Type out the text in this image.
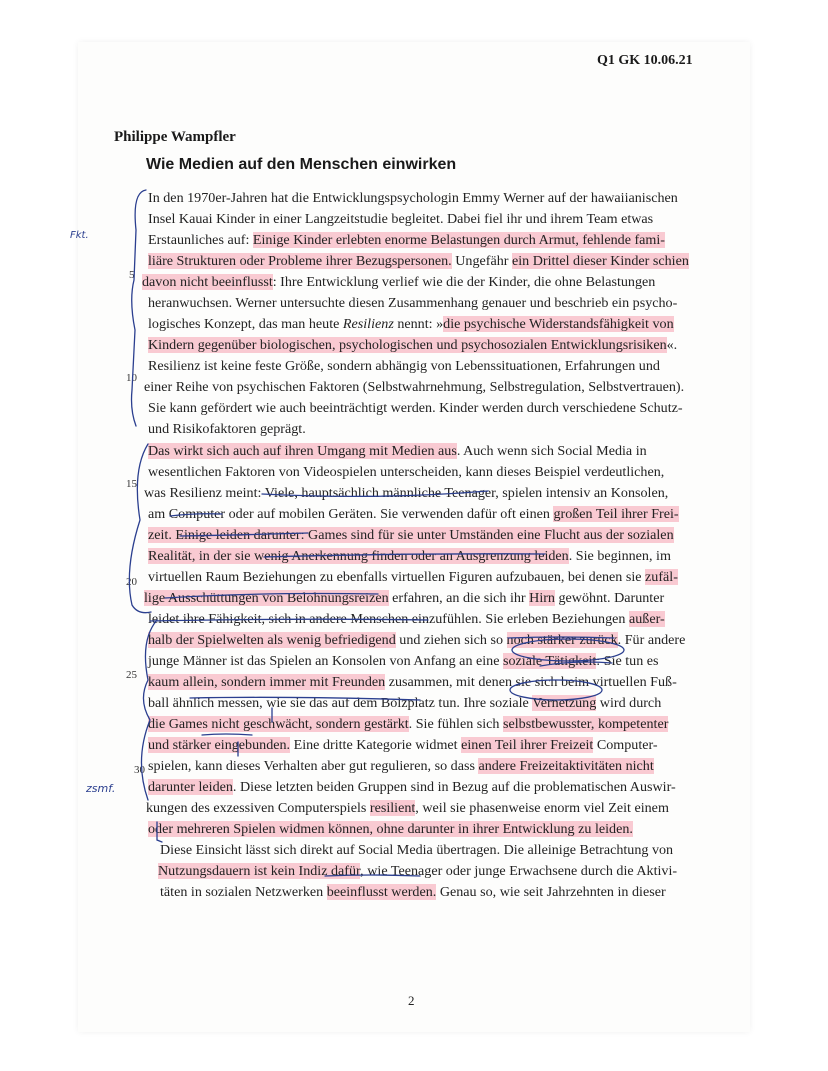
Q1 GK 10.06.21
Philippe Wampfler
Wie Medien auf den Menschen einwirken
In den 1970er-Jahren hat die Entwicklungspsychologin Emmy Werner auf der hawaiianischen
Insel Kauai Kinder in einer Langzeitstudie begleitet. Dabei fiel ihr und ihrem Team etwas
Erstaunliches auf: Einige Kinder erlebten enorme Belastungen durch Armut, fehlende fami-
liäre Strukturen oder Probleme ihrer Bezugspersonen. Ungefähr ein Drittel dieser Kinder schien
davon nicht beeinflusst: Ihre Entwicklung verlief wie die der Kinder, die ohne Belastungen
heranwuchsen. Werner untersuchte diesen Zusammenhang genauer und beschrieb ein psycho-
logisches Konzept, das man heute Resilienz nennt: »die psychische Widerstandsfähigkeit von
Kindern gegenüber biologischen, psychologischen und psychosozialen Entwicklungsrisiken«.
Resilienz ist keine feste Größe, sondern abhängig von Lebenssituationen, Erfahrungen und
einer Reihe von psychischen Faktoren (Selbstwahrnehmung, Selbstregulation, Selbstvertrauen).
Sie kann gefördert wie auch beeinträchtigt werden. Kinder werden durch verschiedene Schutz-
und Risikofaktoren geprägt.
Das wirkt sich auch auf ihren Umgang mit Medien aus. Auch wenn sich Social Media in
wesentlichen Faktoren von Videospielen unterscheiden, kann dieses Beispiel verdeutlichen,
was Resilienz meint: Viele, hauptsächlich männliche Teenager, spielen intensiv an Konsolen,
am Computer oder auf mobilen Geräten. Sie verwenden dafür oft einen großen Teil ihrer Frei-
zeit. Einige leiden darunter: Games sind für sie unter Umständen eine Flucht aus der sozialen
Realität, in der sie wenig Anerkennung finden oder an Ausgrenzung leiden. Sie beginnen, im
virtuellen Raum Beziehungen zu ebenfalls virtuellen Figuren aufzubauen, bei denen sie zufäl-
lige Ausschüttungen von Belohnungsreizen erfahren, an die sich ihr Hirn gewöhnt. Darunter
leidet ihre Fähigkeit, sich in andere Menschen einzufühlen. Sie erleben Beziehungen außer-
halb der Spielwelten als wenig befriedigend und ziehen sich so noch stärker zurück. Für andere
junge Männer ist das Spielen an Konsolen von Anfang an eine soziale Tätigkeit: Sie tun es
kaum allein, sondern immer mit Freunden zusammen, mit denen sie sich beim virtuellen Fuß-
ball ähnlich messen, wie sie das auf dem Bolzplatz tun. Ihre soziale Vernetzung wird durch
die Games nicht geschwächt, sondern gestärkt. Sie fühlen sich selbstbewusster, kompetenter
und stärker eingebunden. Eine dritte Kategorie widmet einen Teil ihrer Freizeit Computer-
spielen, kann dieses Verhalten aber gut regulieren, so dass andere Freizeitaktivitäten nicht
darunter leiden. Diese letzten beiden Gruppen sind in Bezug auf die problematischen Auswir-
kungen des exzessiven Computerspiels resilient, weil sie phasenweise enorm viel Zeit einem
oder mehreren Spielen widmen können, ohne darunter in ihrer Entwicklung zu leiden.
Diese Einsicht lässt sich direkt auf Social Media übertragen. Die alleinige Betrachtung von
Nutzungsdauern ist kein Indiz dafür, wie Teenager oder junge Erwachsene durch die Aktivi-
täten in sozialen Netzwerken beeinflusst werden. Genau so, wie seit Jahrzehnten in dieser
5
10
15
20
25
30
Fkt.
zsmf.
2
